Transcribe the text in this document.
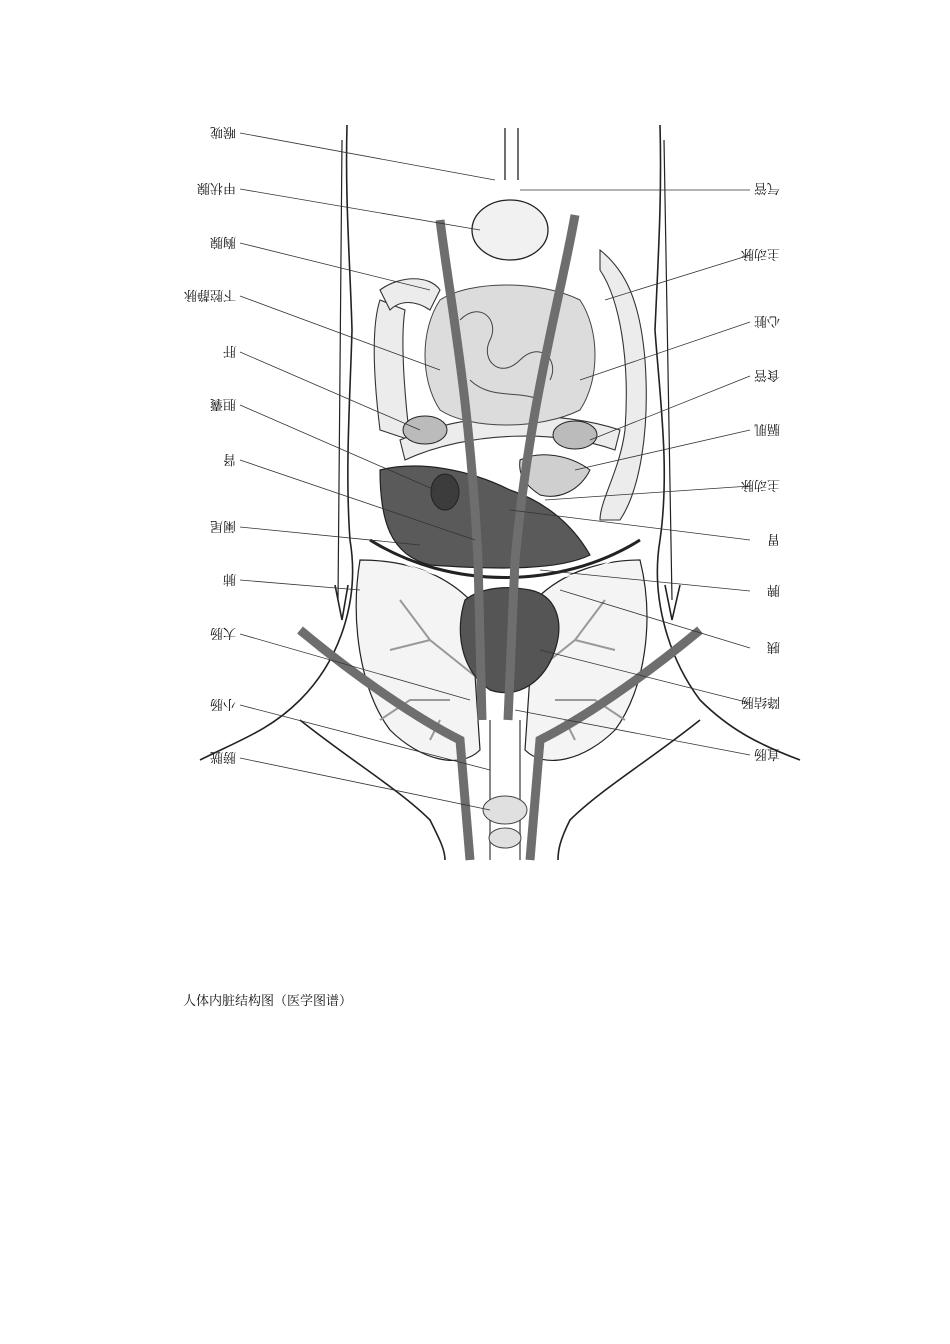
喉咙
甲状腺
胸腺
下腔静脉
肝
胆囊
肾
阑尾
肺
大肠
小肠
膀胱
气管
主动脉
心脏
食管
膈肌
主动脉
胃
脾
胰
降结肠
直肠
人体内脏结构图（医学图谱）
